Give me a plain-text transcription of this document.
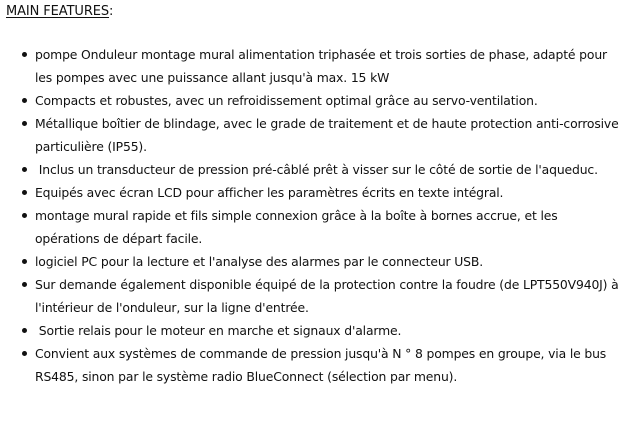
MAIN FEATURES:
pompe Onduleur montage mural alimentation triphasée et trois sorties de phase, adapté pour les pompes avec une puissance allant jusqu'à max. 15 kW
Compacts et robustes, avec un refroidissement optimal grâce au servo-ventilation.
Métallique boîtier de blindage, avec le grade de traitement et de haute protection anti-corrosive particulière (IP55).
Inclus un transducteur de pression pré-câblé prêt à visser sur le côté de sortie de l'aqueduc.
Equipés avec écran LCD pour afficher les paramètres écrits en texte intégral.
montage mural rapide et fils simple connexion grâce à la boîte à bornes accrue, et les opérations de départ facile.
logiciel PC pour la lecture et l'analyse des alarmes par le connecteur USB.
Sur demande également disponible équipé de la protection contre la foudre (de LPT550V940J) à l'intérieur de l'onduleur, sur la ligne d'entrée.
Sortie relais pour le moteur en marche et signaux d'alarme.
Convient aux systèmes de commande de pression jusqu'à N ° 8 pompes en groupe, via le bus RS485, sinon par le système radio BlueConnect (sélection par menu).
